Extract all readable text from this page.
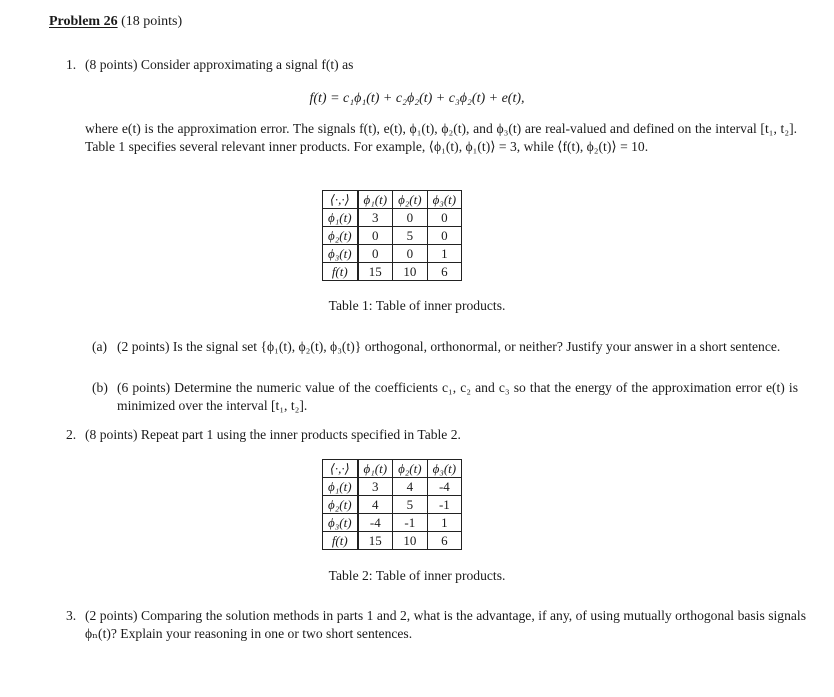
Problem 26 (18 points)
1. (8 points) Consider approximating a signal f(t) as
f(t) = c₁ϕ₁(t) + c₂ϕ₂(t) + c₃ϕ₂(t) + e(t),
where e(t) is the approximation error. The signals f(t), e(t), ϕ₁(t), ϕ₂(t), and ϕ₃(t) are real-valued and defined on the interval [t₁, t₂]. Table 1 specifies several relevant inner products. For example, ⟨ϕ₁(t), ϕ₁(t)⟩ = 3, while ⟨f(t), ϕ₂(t)⟩ = 10.
⟨·,·⟩	ϕ₁(t)	ϕ₂(t)	ϕ₃(t)
ϕ₁(t)	3	0	0
ϕ₂(t)	0	5	0
ϕ₃(t)	0	0	1
f(t)	15	10	6
Table 1: Table of inner products.
(a) (2 points) Is the signal set {ϕ₁(t), ϕ₂(t), ϕ₃(t)} orthogonal, orthonormal, or neither? Justify your answer in a short sentence.
(b) (6 points) Determine the numeric value of the coefficients c₁, c₂ and c₃ so that the energy of the approximation error e(t) is minimized over the interval [t₁, t₂].
2. (8 points) Repeat part 1 using the inner products specified in Table 2.
⟨·,·⟩	ϕ₁(t)	ϕ₂(t)	ϕ₃(t)
ϕ₁(t)	3	4	-4
ϕ₂(t)	4	5	-1
ϕ₃(t)	-4	-1	1
f(t)	15	10	6
Table 2: Table of inner products.
3. (2 points) Comparing the solution methods in parts 1 and 2, what is the advantage, if any, of using mutually orthogonal basis signals ϕₙ(t)? Explain your reasoning in one or two short sentences.
